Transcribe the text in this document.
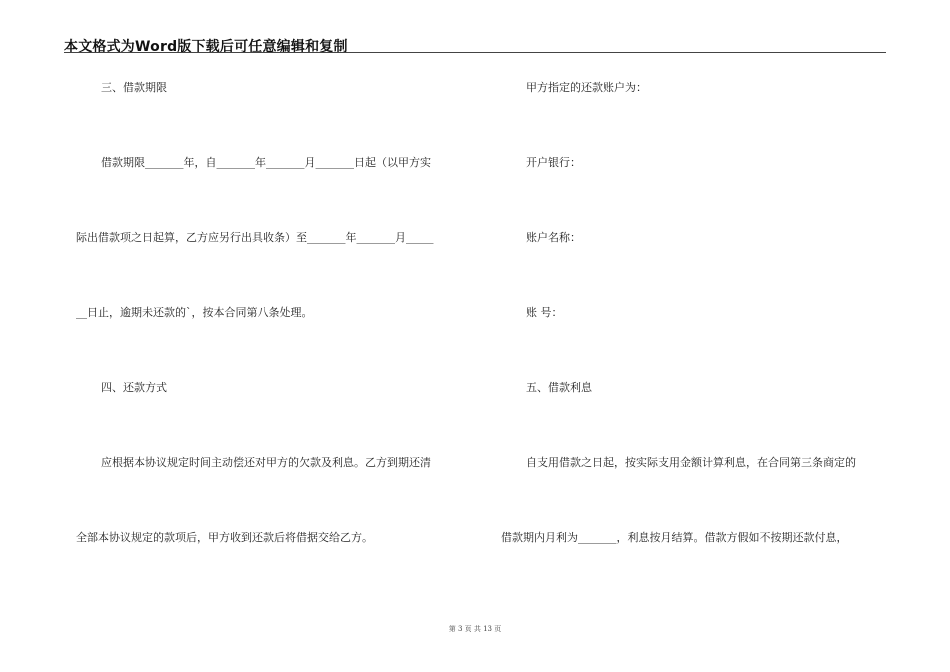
本文格式为Word版下载后可任意编辑和复制
三、借款期限
借款期限_______年，自_______年_______月_______日起（以甲方实
际出借款项之日起算，乙方应另行出具收条）至_______年_______月_____
__日止，逾期未还款的`，按本合同第八条处理。
四、还款方式
应根据本协议规定时间主动偿还对甲方的欠款及利息。乙方到期还清
全部本协议规定的款项后，甲方收到还款后将借据交给乙方。
甲方指定的还款账户为：
开户银行：
账户名称：
账 号：
五、借款利息
自支用借款之日起，按实际支用金额计算利息，在合同第三条商定的
借款期内月利为_______，利息按月结算。借款方假如不按期还款付息，
第 3 页 共 13 页
